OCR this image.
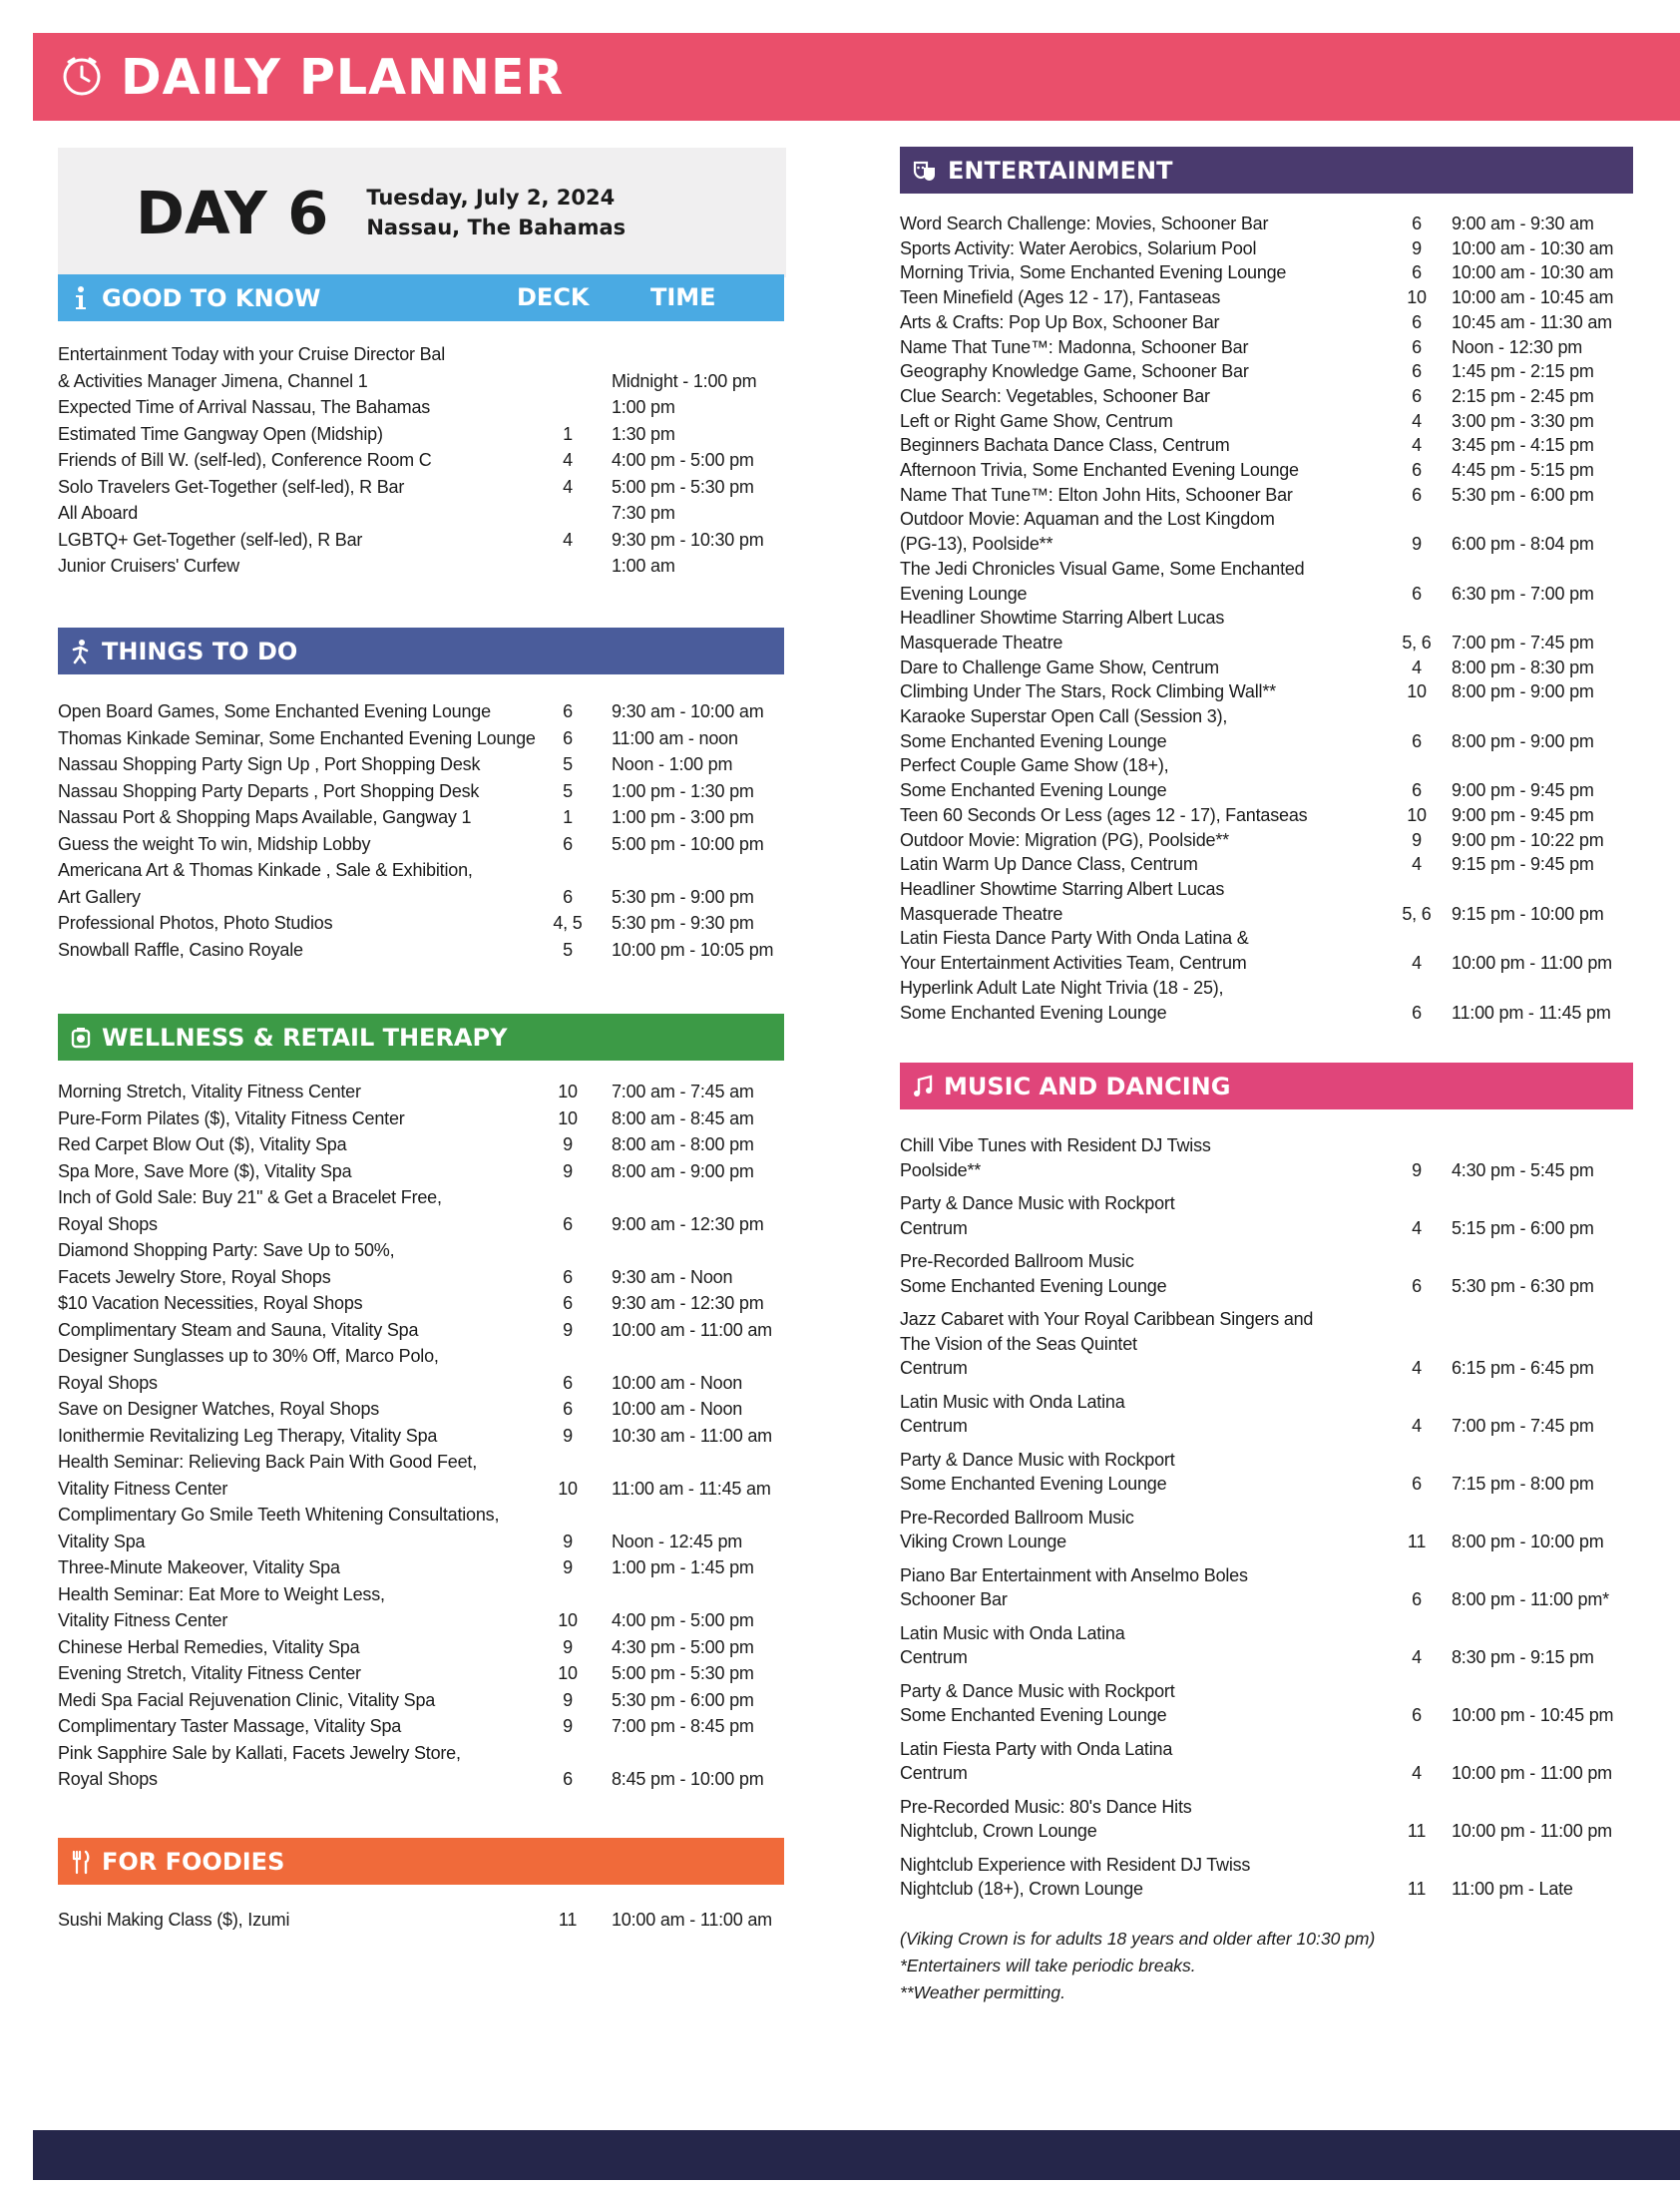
DAILY PLANNER
DAY 6 Tuesday, July 2, 2024
Nassau, The Bahamas
GOOD TO KNOW	DECK	TIME
Entertainment Today with your Cruise Director Bal
& Activities Manager Jimena, Channel 1	Midnight - 1:00 pm
Expected Time of Arrival Nassau, The Bahamas	1:00 pm
Estimated Time Gangway Open (Midship)	1	1:30 pm
Friends of Bill W. (self-led), Conference Room C	4	4:00 pm - 5:00 pm
Solo Travelers Get-Together (self-led), R Bar	4	5:00 pm - 5:30 pm
All Aboard	7:30 pm
LGBTQ+ Get-Together (self-led), R Bar	4	9:30 pm - 10:30 pm
Junior Cruisers' Curfew	1:00 am
THINGS TO DO
Open Board Games, Some Enchanted Evening Lounge	6	9:30 am - 10:00 am
Thomas Kinkade Seminar, Some Enchanted Evening Lounge	6	11:00 am - noon
Nassau Shopping Party Sign Up , Port Shopping Desk	5	Noon - 1:00 pm
Nassau Shopping Party Departs , Port Shopping Desk	5	1:00 pm - 1:30 pm
Nassau Port & Shopping Maps Available, Gangway 1	1	1:00 pm - 3:00 pm
Guess the weight To win, Midship Lobby	6	5:00 pm - 10:00 pm
Americana Art & Thomas Kinkade , Sale & Exhibition,
Art Gallery	6	5:30 pm - 9:00 pm
Professional Photos, Photo Studios	4, 5 5:30 pm - 9:30 pm
Snowball Raffle, Casino Royale	5	10:00 pm - 10:05 pm
WELLNESS & RETAIL THERAPY
Morning Stretch, Vitality Fitness Center	10 7:00 am - 7:45 am
Pure-Form Pilates ($), Vitality Fitness Center	10 8:00 am - 8:45 am
Red Carpet Blow Out ($), Vitality Spa	9	8:00 am - 8:00 pm
Spa More, Save More ($), Vitality Spa	9	8:00 am - 9:00 pm
Inch of Gold Sale: Buy 21" & Get a Bracelet Free,
Royal Shops	6	9:00 am - 12:30 pm
Diamond Shopping Party: Save Up to 50%,
Facets Jewelry Store, Royal Shops	6	9:30 am - Noon
$10 Vacation Necessities, Royal Shops	6	9:30 am - 12:30 pm
Complimentary Steam and Sauna, Vitality Spa	9	10:00 am - 11:00 am
Designer Sunglasses up to 30% Off, Marco Polo,
Royal Shops	6	10:00 am - Noon
Save on Designer Watches, Royal Shops	6	10:00 am - Noon
Ionithermie Revitalizing Leg Therapy, Vitality Spa	9	10:30 am - 11:00 am
Health Seminar: Relieving Back Pain With Good Feet,
Vitality Fitness Center	10 11:00 am - 11:45 am
Complimentary Go Smile Teeth Whitening Consultations,
Vitality Spa	9	Noon - 12:45 pm
Three-Minute Makeover, Vitality Spa	9	1:00 pm - 1:45 pm
Health Seminar: Eat More to Weight Less,
Vitality Fitness Center	10 4:00 pm - 5:00 pm
Chinese Herbal Remedies, Vitality Spa	9	4:30 pm - 5:00 pm
Evening Stretch, Vitality Fitness Center	10 5:00 pm - 5:30 pm
Medi Spa Facial Rejuvenation Clinic, Vitality Spa	9	5:30 pm - 6:00 pm
Complimentary Taster Massage, Vitality Spa	9	7:00 pm - 8:45 pm
Pink Sapphire Sale by Kallati, Facets Jewelry Store,
Royal Shops	6	8:45 pm - 10:00 pm
FOR FOODIES
Sushi Making Class ($), Izumi	11	10:00 am - 11:00 am
ENTERTAINMENT
Word Search Challenge: Movies, Schooner Bar	6	9:00 am - 9:30 am
Sports Activity: Water Aerobics, Solarium Pool	9	10:00 am - 10:30 am
Morning Trivia, Some Enchanted Evening Lounge	6	10:00 am - 10:30 am
Teen Minefield (Ages 12 - 17), Fantaseas	10	10:00 am - 10:45 am
Arts & Crafts: Pop Up Box, Schooner Bar	6	10:45 am - 11:30 am
Name That Tune™: Madonna, Schooner Bar	6	Noon - 12:30 pm
Geography Knowledge Game, Schooner Bar	6	1:45 pm - 2:15 pm
Clue Search: Vegetables, Schooner Bar	6	2:15 pm - 2:45 pm
Left or Right Game Show, Centrum	4	3:00 pm - 3:30 pm
Beginners Bachata Dance Class, Centrum	4	3:45 pm - 4:15 pm
Afternoon Trivia, Some Enchanted Evening Lounge	6	4:45 pm - 5:15 pm
Name That Tune™: Elton John Hits, Schooner Bar	6	5:30 pm - 6:00 pm
Outdoor Movie: Aquaman and the Lost Kingdom
(PG-13), Poolside**	9	6:00 pm - 8:04 pm
The Jedi Chronicles Visual Game, Some Enchanted
Evening Lounge	6	6:30 pm - 7:00 pm
Headliner Showtime Starring Albert Lucas
Masquerade Theatre	5, 6 7:00 pm - 7:45 pm
Dare to Challenge Game Show, Centrum	4	8:00 pm - 8:30 pm
Climbing Under The Stars, Rock Climbing Wall**	10	8:00 pm - 9:00 pm
Karaoke Superstar Open Call (Session 3),
Some Enchanted Evening Lounge	6	8:00 pm - 9:00 pm
Perfect Couple Game Show (18+),
Some Enchanted Evening Lounge	6	9:00 pm - 9:45 pm
Teen 60 Seconds Or Less (ages 12 - 17), Fantaseas	10	9:00 pm - 9:45 pm
Outdoor Movie: Migration (PG), Poolside**	9	9:00 pm - 10:22 pm
Latin Warm Up Dance Class, Centrum	4	9:15 pm - 9:45 pm
Headliner Showtime Starring Albert Lucas
Masquerade Theatre	5, 6 9:15 pm - 10:00 pm
Latin Fiesta Dance Party With Onda Latina &
Your Entertainment Activities Team, Centrum	4	10:00 pm - 11:00 pm
Hyperlink Adult Late Night Trivia (18 - 25),
Some Enchanted Evening Lounge	6	11:00 pm - 11:45 pm
MUSIC AND DANCING
Chill Vibe Tunes with Resident DJ Twiss
Poolside**	9	4:30 pm - 5:45 pm
Party & Dance Music with Rockport
Centrum	4	5:15 pm - 6:00 pm
Pre-Recorded Ballroom Music
Some Enchanted Evening Lounge	6	5:30 pm - 6:30 pm
Jazz Cabaret with Your Royal Caribbean Singers and
The Vision of the Seas Quintet
Centrum	4	6:15 pm - 6:45 pm
Latin Music with Onda Latina
Centrum	4	7:00 pm - 7:45 pm
Party & Dance Music with Rockport
Some Enchanted Evening Lounge	6	7:15 pm - 8:00 pm
Pre-Recorded Ballroom Music
Viking Crown Lounge	11	8:00 pm - 10:00 pm
Piano Bar Entertainment with Anselmo Boles
Schooner Bar	6	8:00 pm - 11:00 pm*
Latin Music with Onda Latina
Centrum	4	8:30 pm - 9:15 pm
Party & Dance Music with Rockport
Some Enchanted Evening Lounge	6	10:00 pm - 10:45 pm
Latin Fiesta Party with Onda Latina
Centrum	4	10:00 pm - 11:00 pm
Pre-Recorded Music: 80's Dance Hits
Nightclub, Crown Lounge	11	10:00 pm - 11:00 pm
Nightclub Experience with Resident DJ Twiss
Nightclub (18+), Crown Lounge	11	11:00 pm - Late
(Viking Crown is for adults 18 years and older after 10:30 pm)
*Entertainers will take periodic breaks.
**Weather permitting.
